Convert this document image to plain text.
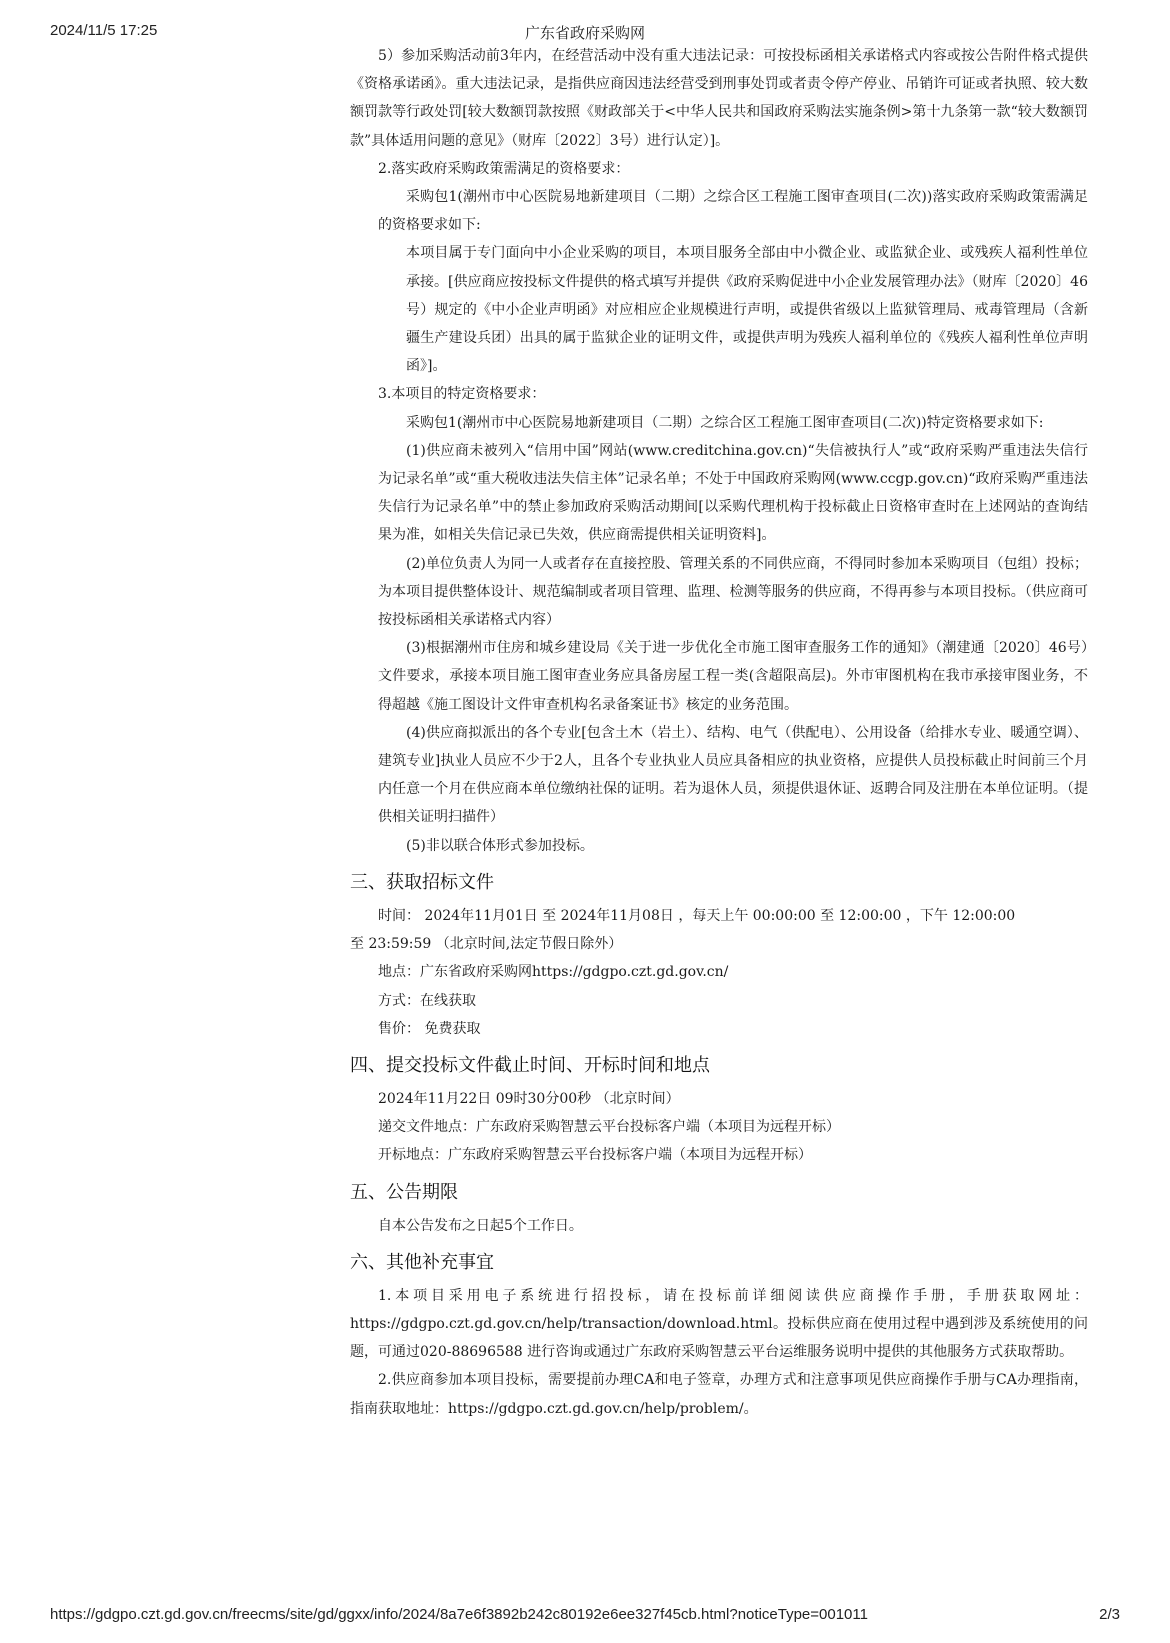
2024/11/5 17:25	广东省政府采购网

5）参加采购活动前3年内，在经营活动中没有重大违法记录：可按投标函相关承诺格式内容或按公告附件格式提供《资格承诺函》。重大违法记录，是指供应商因违法经营受到刑事处罚或者责令停产停业、吊销许可证或者执照、较大数额罚款等行政处罚[较大数额罚款按照《财政部关于<中华人民共和国政府采购法实施条例>第十九条第一款“较大数额罚款”具体适用问题的意见》（财库〔2022〕3号）进行认定）]。

2.落实政府采购政策需满足的资格要求：

采购包1(潮州市中心医院易地新建项目（二期）之综合区工程施工图审查项目(二次))落实政府采购政策需满足的资格要求如下:

本项目属于专门面向中小企业采购的项目，本项目服务全部由中小微企业、或监狱企业、或残疾人福利性单位承接。[供应商应按投标文件提供的格式填写并提供《政府采购促进中小企业发展管理办法》（财库〔2020〕46　号）规定的《中小企业声明函》对应相应企业规模进行声明，或提供省级以上监狱管理局、戒毒管理局（含新疆生产建设兵团）出具的属于监狱企业的证明文件，或提供声明为残疾人福利单位的《残疾人福利性单位声明函》]。

3.本项目的特定资格要求：

采购包1(潮州市中心医院易地新建项目（二期）之综合区工程施工图审查项目(二次))特定资格要求如下:

(1)供应商未被列入“信用中国”网站(www.creditchina.gov.cn)“失信被执行人”或“政府采购严重违法失信行为记录名单”或“重大税收违法失信主体”记录名单；不处于中国政府采购网(www.ccgp.gov.cn)“政府采购严重违法失信行为记录名单”中的禁止参加政府采购活动期间[以采购代理机构于投标截止日资格审查时在上述网站的查询结果为准，如相关失信记录已失效，供应商需提供相关证明资料]。

(2)单位负责人为同一人或者存在直接控股、管理关系的不同供应商，不得同时参加本采购项目（包组）投标；为本项目提供整体设计、规范编制或者项目管理、监理、检测等服务的供应商，不得再参与本项目投标。（供应商可按投标函相关承诺格式内容）

(3)根据潮州市住房和城乡建设局《关于进一步优化全市施工图审查服务工作的通知》（潮建通〔2020〕46号）文件要求，承接本项目施工图审查业务应具备房屋工程一类(含超限高层)。外市审图机构在我市承接审图业务，不得超越《施工图设计文件审查机构名录备案证书》核定的业务范围。

(4)供应商拟派出的各个专业[包含土木（岩土）、结构、电气（供配电）、公用设备（给排水专业、暖通空调）、建筑专业]执业人员应不少于2人，且各个专业执业人员应具备相应的执业资格，应提供人员投标截止时间前三个月内任意一个月在供应商本单位缴纳社保的证明。若为退休人员，须提供退休证、返聘合同及注册在本单位证明。（提供相关证明扫描件）

(5)非以联合体形式参加投标。

三、获取招标文件

时间： 2024年11月01日 至 2024年11月08日 ，每天上午 00:00:00 至 12:00:00 ，下午 12:00:00

至 23:59:59 （北京时间,法定节假日除外）

地点：广东省政府采购网https://gdgpo.czt.gd.gov.cn/

方式：在线获取

售价： 免费获取

四、提交投标文件截止时间、开标时间和地点

2024年11月22日 09时30分00秒 （北京时间）

递交文件地点：广东政府采购智慧云平台投标客户端（本项目为远程开标）

开标地点：广东政府采购智慧云平台投标客户端（本项目为远程开标）

五、公告期限

自本公告发布之日起5个工作日。

六、其他补充事宜

1.本项目采用电子系统进行招投标，请在投标前详细阅读供应商操作手册，手册获取网址：https://gdgpo.czt.gd.gov.cn/help/transaction/download.html。投标供应商在使用过程中遇到涉及系统使用的问题，可通过020-88696588 进行咨询或通过广东政府采购智慧云平台运维服务说明中提供的其他服务方式获取帮助。

2.供应商参加本项目投标，需要提前办理CA和电子签章，办理方式和注意事项见供应商操作手册与CA办理指南，指南获取地址：https://gdgpo.czt.gd.gov.cn/help/problem/。

https://gdgpo.czt.gd.gov.cn/freecms/site/gd/ggxx/info/2024/8a7e6f3892b242c80192e6ee327f45cb.html?noticeType=001011	2/3
